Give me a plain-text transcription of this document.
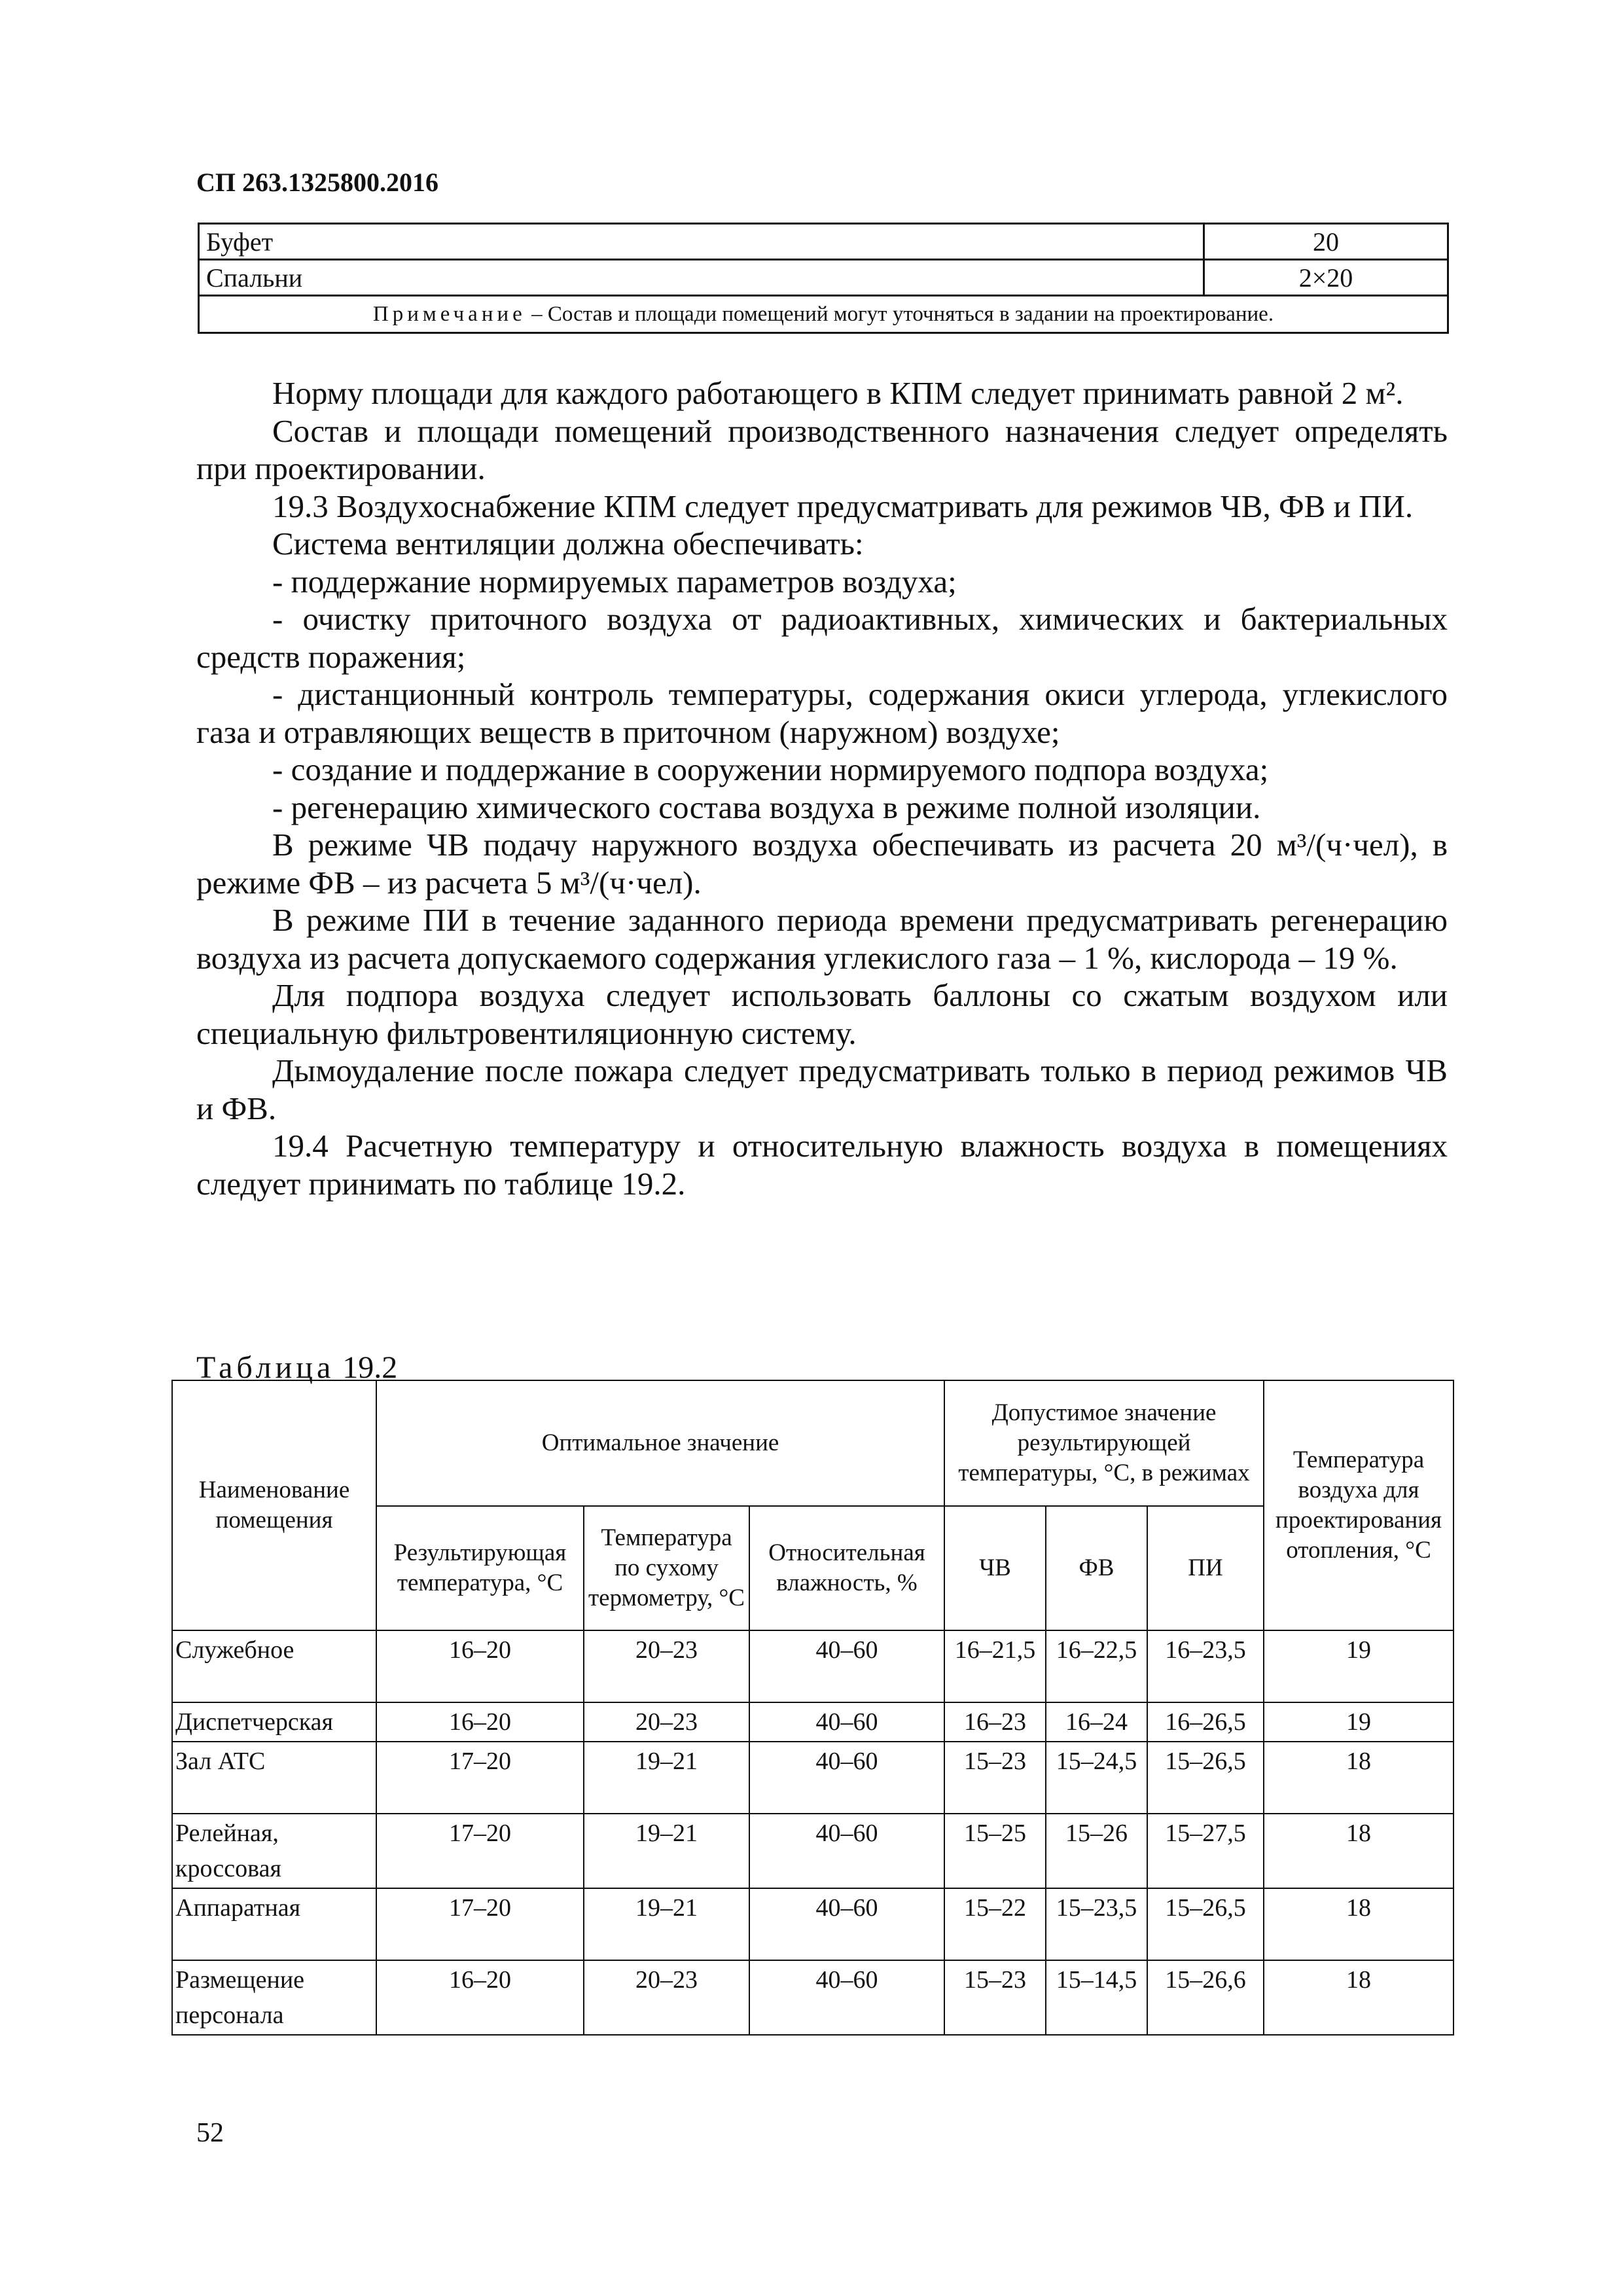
СП 263.1325800.2016
Буфет	20
Спальни	2×20
Примечание – Состав и площади помещений могут уточняться в задании на проектирование.	

Норму площади для каждого работающего в КПМ следует принимать равной 2 м².

Состав и площади помещений производственного назначения следует определять при проектировании.

19.3 Воздухоснабжение КПМ следует предусматривать для режимов ЧВ, ФВ и ПИ.

Система вентиляции должна обеспечивать:

- поддержание нормируемых параметров воздуха;

- очистку приточного воздуха от радиоактивных, химических и бактериальных средств поражения;

- дистанционный контроль температуры, содержания окиси углерода, углекислого газа и отравляющих веществ в приточном (наружном) воздухе;

- создание и поддержание в сооружении нормируемого подпора воздуха;

- регенерацию химического состава воздуха в режиме полной изоляции.

В режиме ЧВ подачу наружного воздуха обеспечивать из расчета 20 м³/(ч·чел), в режиме ФВ – из расчета 5 м³/(ч·чел).

В режиме ПИ в течение заданного периода времени предусматривать регенерацию воздуха из расчета допускаемого содержания углекислого газа – 1 %, кислорода – 19 %.

Для подпора воздуха следует использовать баллоны со сжатым воздухом или специальную фильтровентиляционную систему.

Дымоудаление после пожара следует предусматривать только в период режимов ЧВ и ФВ.

19.4 Расчетную температуру и относительную влажность воздуха в помещениях следует принимать по таблице 19.2.

Таблица 19.2
Наименование помещения	Оптимальное значение			Допустимое значение результирующей температуры, °С, в режимах			Температура воздуха для проектирования отопления, °С
	Результирующая температура, °С	Температура по сухому термометру, °С	Относительная влажность, %	ЧВ	ФВ	ПИ	
Служебное	16–20	20–23	40–60	16–21,5	16–22,5	16–23,5	19
Диспетчерская	16–20	20–23	40–60	16–23	16–24	16–26,5	19
Зал АТС	17–20	19–21	40–60	15–23	15–24,5	15–26,5	18
Релейная, кроссовая	17–20	19–21	40–60	15–25	15–26	15–27,5	18
Аппаратная	17–20	19–21	40–60	15–22	15–23,5	15–26,5	18
Размещение персонала	16–20	20–23	40–60	15–23	15–14,5	15–26,6	18
52
